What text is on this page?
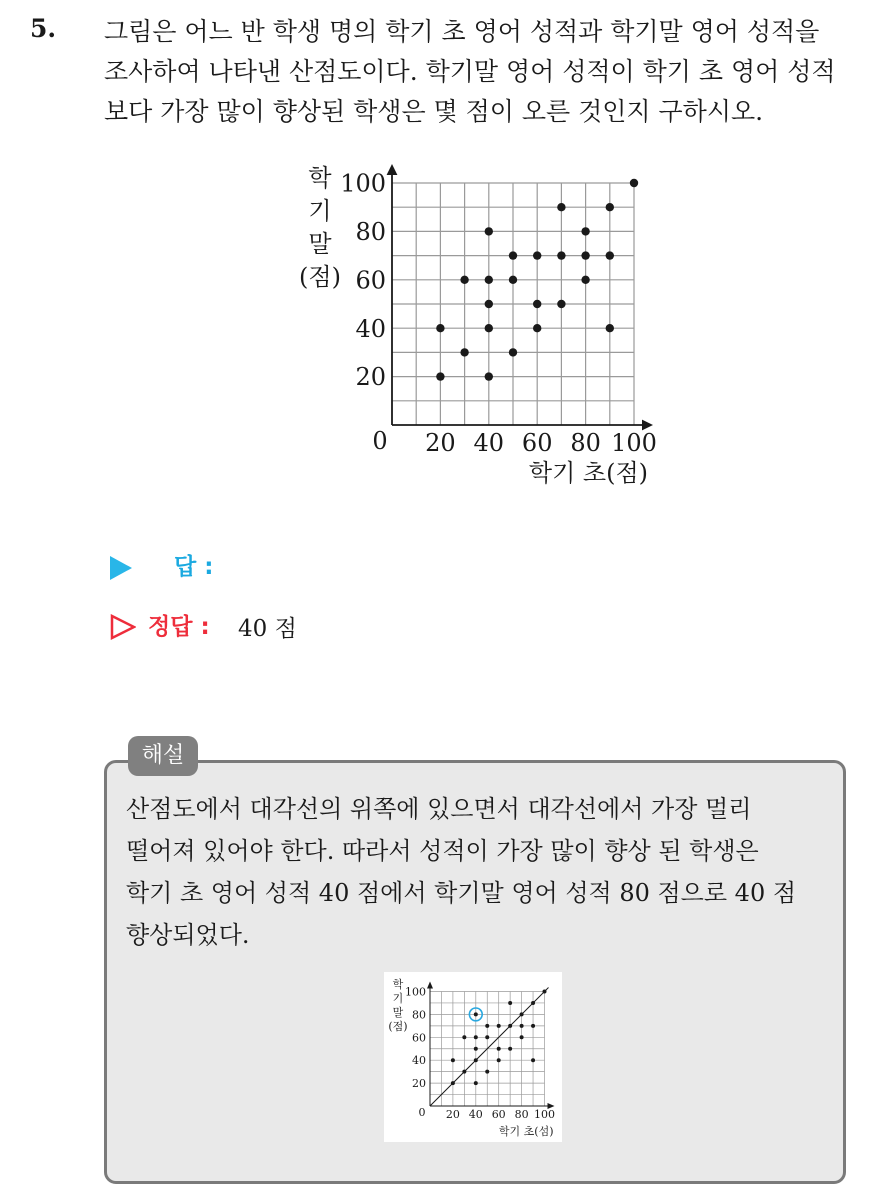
5. 그림은 어느 반 학생 명의 학기 초 영어 성적과 학기말 영어 성적을
조사하여 나타낸 산점도이다. 학기말 영어 성적이 학기 초 영어 성적
보다 가장 많이 향상된 학생은 몇 점이 오른 것인지 구하시오.
20 40 60 80 100
20
40
60
80
100
0
학기 초(점)
학
기
말
(점)
답 :
정답 : 40 점
해설
산점도에서 대각선의 위쪽에 있으면서 대각선에서 가장 멀리
떨어져 있어야 한다. 따라서 성적이 가장 많이 향상 된 학생은
학기 초 영어 성적 40 점에서 학기말 영어 성적 80 점으로 40 점
향상되었다.
20 40 60 80 100
20
40
60
80
100
0
학기 초(섬)
학
기
말
(점)
